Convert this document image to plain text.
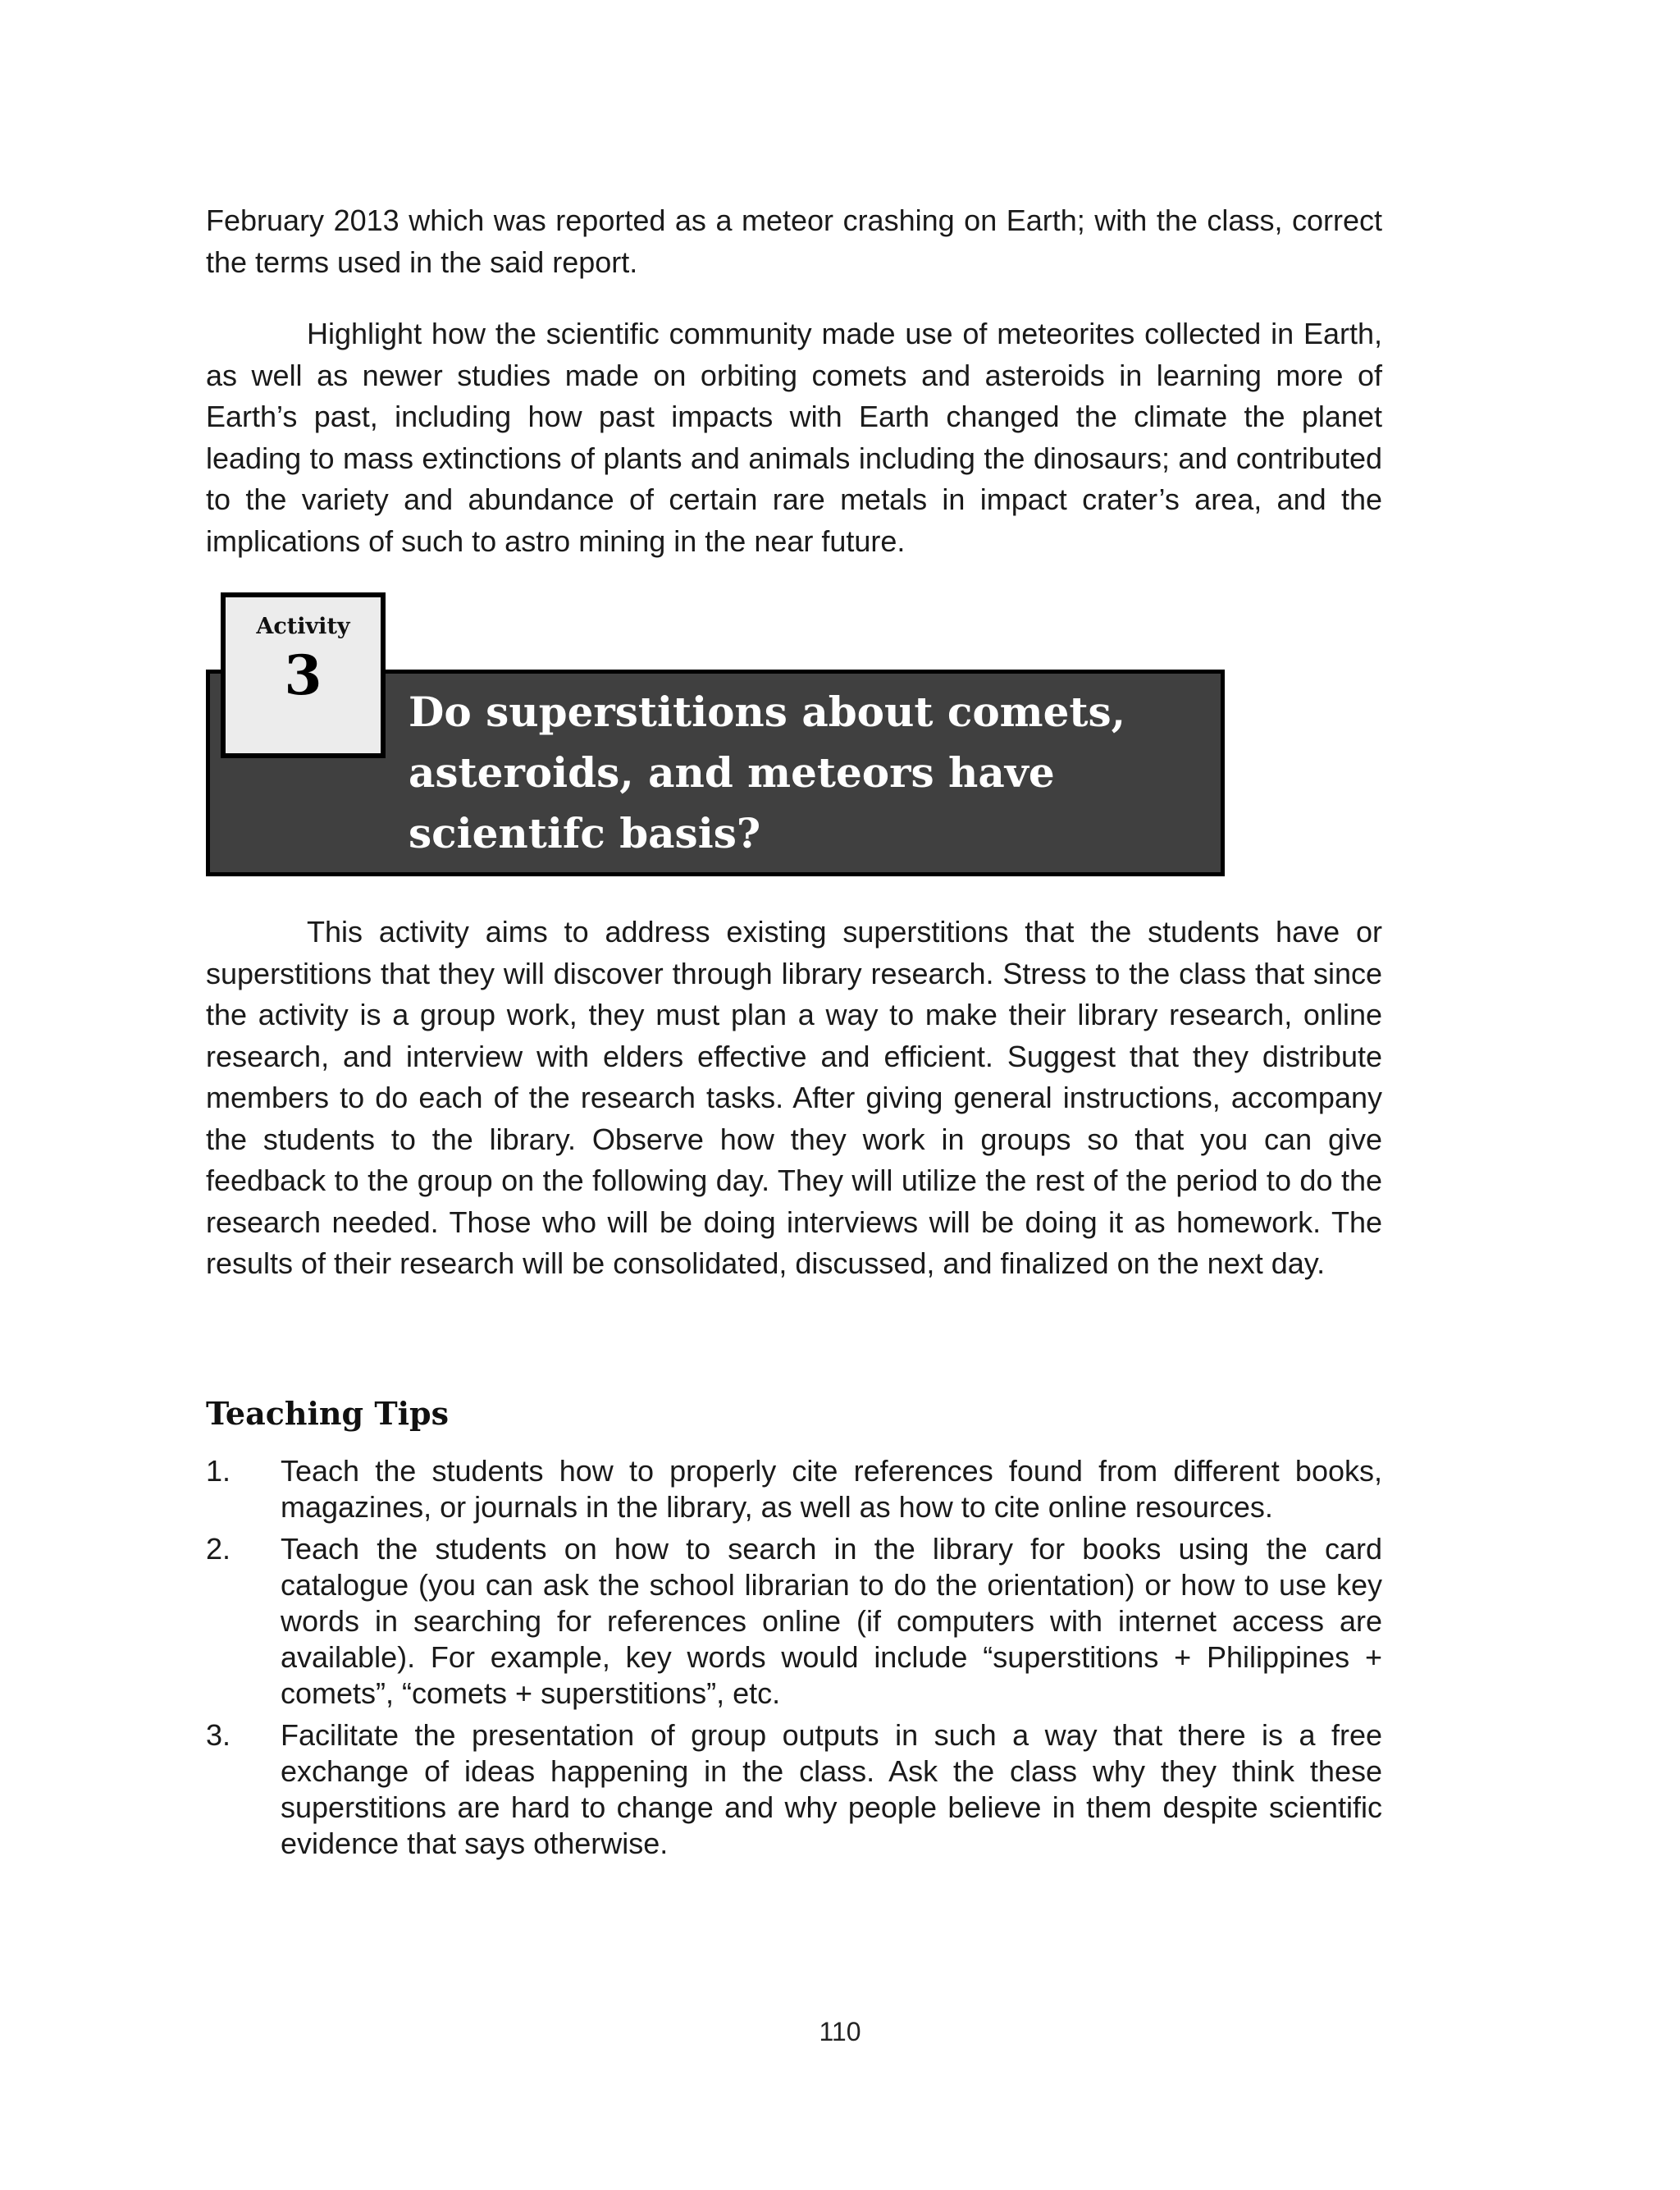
February 2013 which was reported as a meteor crashing on Earth; with the class, correct the terms used in the said report.

Highlight how the scientific community made use of meteorites collected in Earth, as well as newer studies made on orbiting comets and asteroids in learning more of Earth’s past, including how past impacts with Earth changed the climate the planet leading to mass extinctions of plants and animals including the dinosaurs; and contributed to the variety and abundance of certain rare metals in impact crater’s area, and the implications of such to astro mining in the near future.

Activity
3
Do superstitions about comets, asteroids, and meteors have scientifc basis?

This activity aims to address existing superstitions that the students have or superstitions that they will discover through library research. Stress to the class that since the activity is a group work, they must plan a way to make their library research, online research, and interview with elders effective and efficient. Suggest that they distribute members to do each of the research tasks. After giving general instructions, accompany the students to the library. Observe how they work in groups so that you can give feedback to the group on the following day. They will utilize the rest of the period to do the research needed. Those who will be doing interviews will be doing it as homework. The results of their research will be consolidated, discussed, and finalized on the next day.

Teaching Tips
1. Teach the students how to properly cite references found from different books, magazines, or journals in the library, as well as how to cite online resources.
2. Teach the students on how to search in the library for books using the card catalogue (you can ask the school librarian to do the orientation) or how to use key words in searching for references online (if computers with internet access are available). For example, key words would include “superstitions + Philippines + comets”, “comets + superstitions”, etc.
3. Facilitate the presentation of group outputs in such a way that there is a free exchange of ideas happening in the class. Ask the class why they think these superstitions are hard to change and why people believe in them despite scientific evidence that says otherwise.
110
